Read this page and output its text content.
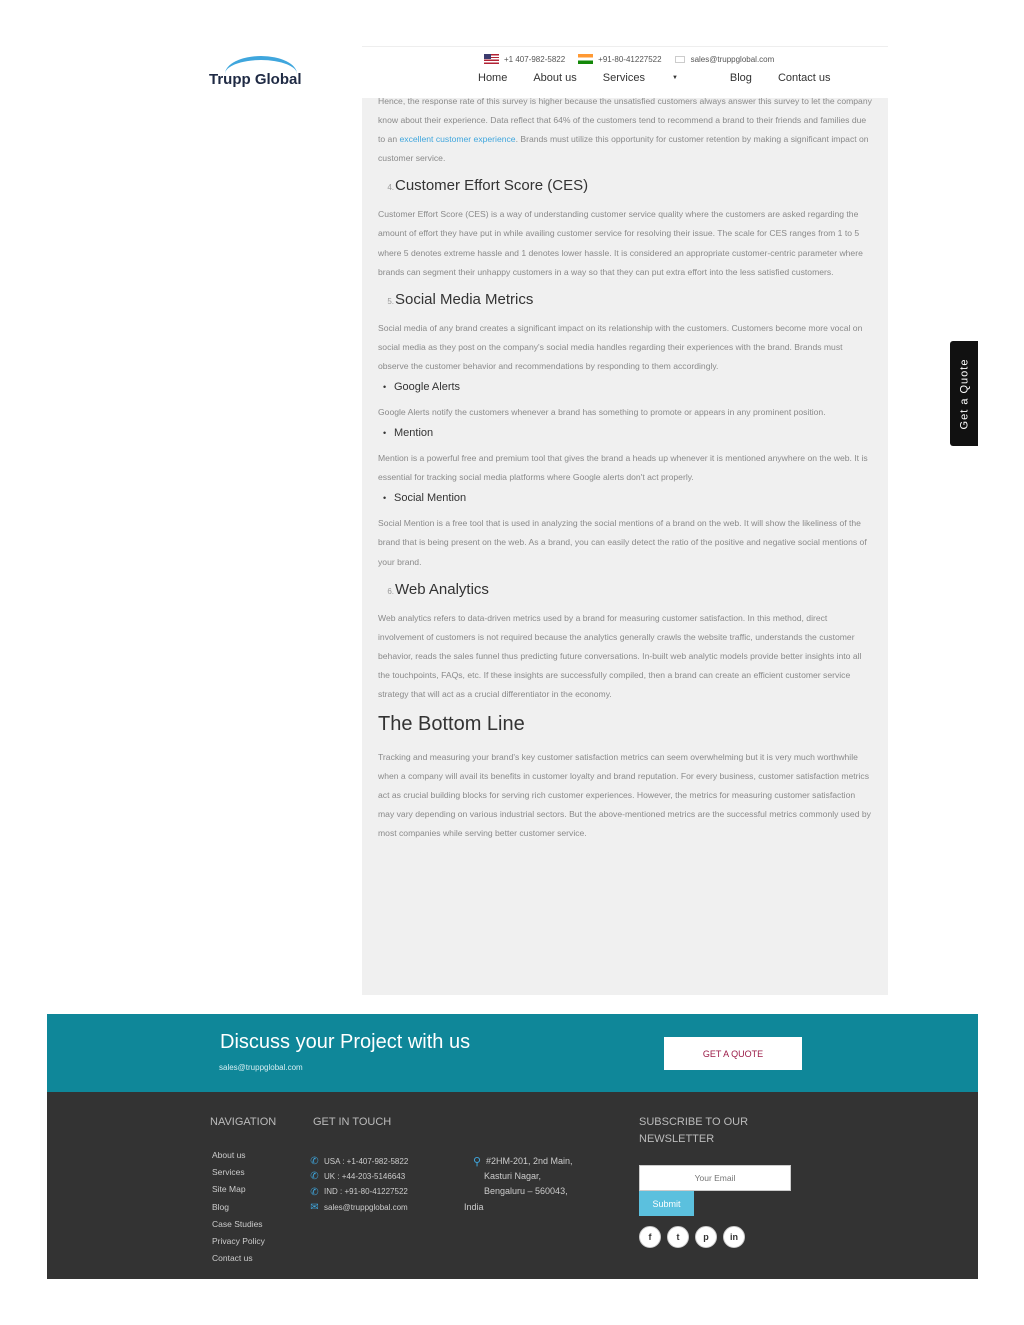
Trupp Global
+1 407-982-5822	+91-80-41227522	sales@truppglobal.com
Home About us Services	▼	Blog Contact us

Hence, the response rate of this survey is higher because the unsatisfied customers always answer this survey to let the company know about their experience. Data reflect that 64% of the customers tend to recommend a brand to their friends and families due to an excellent customer experience. Brands must utilize this opportunity for customer retention by making a significant impact on customer service.

4. Customer Effort Score (CES)

Customer Effort Score (CES) is a way of understanding customer service quality where the customers are asked regarding the amount of effort they have put in while availing customer service for resolving their issue. The scale for CES ranges from 1 to 5 where 5 denotes extreme hassle and 1 denotes lower hassle. It is considered an appropriate customer-centric parameter where brands can segment their unhappy customers in a way so that they can put extra effort into the less satisfied customers.

5. Social Media Metrics

Social media of any brand creates a significant impact on its relationship with the customers. Customers become more vocal on social media as they post on the company's social media handles regarding their experiences with the brand. Brands must observe the customer behavior and recommendations by responding to them accordingly.

• Google Alerts

Google Alerts notify the customers whenever a brand has something to promote or appears in any prominent position.

• Mention

Mention is a powerful free and premium tool that gives the brand a heads up whenever it is mentioned anywhere on the web. It is essential for tracking social media platforms where Google alerts don't act properly.

• Social Mention

Social Mention is a free tool that is used in analyzing the social mentions of a brand on the web. It will show the likeliness of the brand that is being present on the web. As a brand, you can easily detect the ratio of the positive and negative social mentions of your brand.

6. Web Analytics

Web analytics refers to data-driven metrics used by a brand for measuring customer satisfaction. In this method, direct involvement of customers is not required because the analytics generally crawls the website traffic, understands the customer behavior, reads the sales funnel thus predicting future conversations. In-built web analytic models provide better insights into all the touchpoints, FAQs, etc. If these insights are successfully compiled, then a brand can create an efficient customer service strategy that will act as a crucial differentiator in the economy.

The Bottom Line

Tracking and measuring your brand's key customer satisfaction metrics can seem overwhelming but it is very much worthwhile when a company will avail its benefits in customer loyalty and brand reputation. For every business, customer satisfaction metrics act as crucial building blocks for serving rich customer experiences. However, the metrics for measuring customer satisfaction may vary depending on various industrial sectors. But the above-mentioned metrics are the successful metrics commonly used by most companies while serving better customer service.

Get a Quote
Discuss your Project with us
sales@truppglobal.com
GET A QUOTE
NAVIGATION
About us
Services
Site Map
Blog
Case Studies
Privacy Policy
Contact us
GET IN TOUCH
✆ USA : +1-407-982-5822
✆ UK : +44-203-5146643
✆ IND : +91-80-41227522
✉ sales@truppglobal.com
⚲ #2HM-201, 2nd Main,
Kasturi Nagar,
Bengaluru – 560043,
India
SUBSCRIBE TO OUR NEWSLETTER
Your Email
Submit
f	t	p	in
